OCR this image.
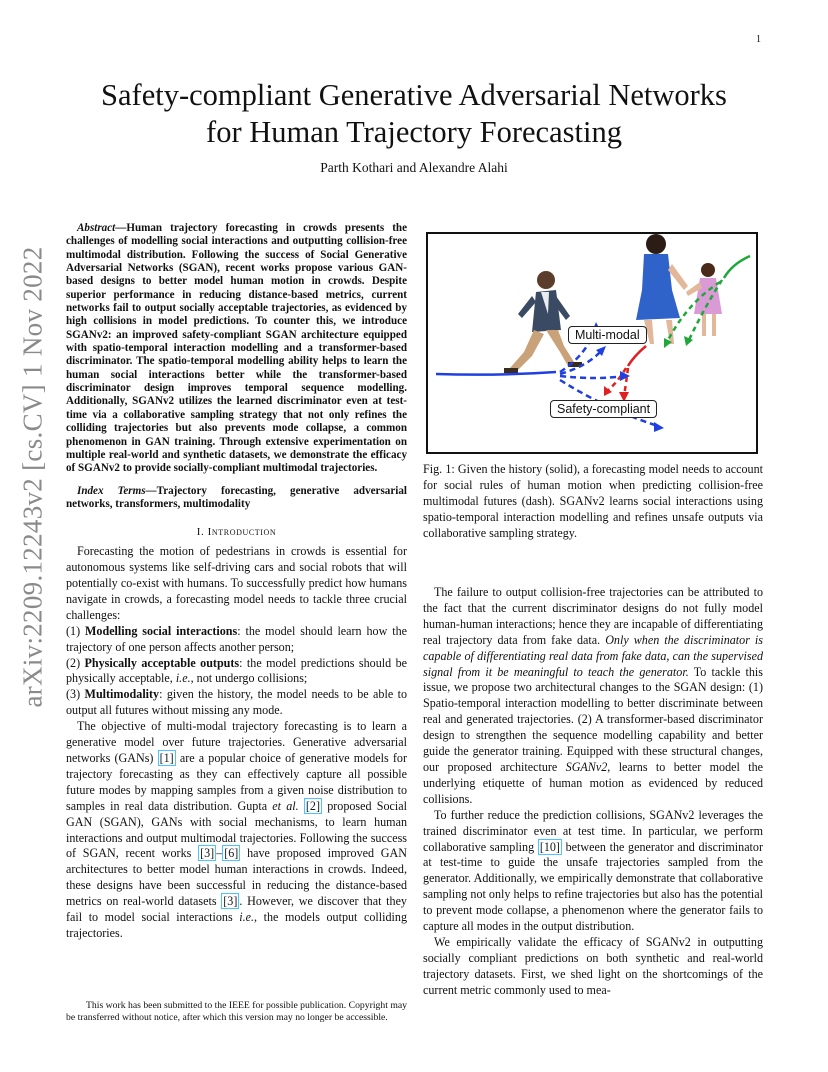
1
arXiv:2209.12243v2 [cs.CV] 1 Nov 2022
Safety-compliant Generative Adversarial Networks
for Human Trajectory Forecasting
Parth Kothari and Alexandre Alahi

Abstract—Human trajectory forecasting in crowds presents the challenges of modelling social interactions and outputting collision-free multimodal distribution. Following the success of Social Generative Adversarial Networks (SGAN), recent works propose various GAN-based designs to better model human motion in crowds. Despite superior performance in reducing distance-based metrics, current networks fail to output socially acceptable trajectories, as evidenced by high collisions in model predictions. To counter this, we introduce SGANv2: an improved safety-compliant SGAN architecture equipped with spatio-temporal interaction modelling and a transformer-based discriminator. The spatio-temporal modelling ability helps to learn the human social interactions better while the transformer-based discriminator design improves temporal sequence modelling. Additionally, SGANv2 utilizes the learned discriminator even at test-time via a collaborative sampling strategy that not only refines the colliding trajectories but also prevents mode collapse, a common phenomenon in GAN training. Through extensive experimentation on multiple real-world and synthetic datasets, we demonstrate the efficacy of SGANv2 to provide socially-compliant multimodal trajectories.

Index Terms—Trajectory forecasting, generative adversarial networks, transformers, multimodality

I. Introduction

Forecasting the motion of pedestrians in crowds is essential for autonomous systems like self-driving cars and social robots that will potentially co-exist with humans. To successfully predict how humans navigate in crowds, a forecasting model needs to tackle three crucial challenges:

(1) Modelling social interactions: the model should learn how the trajectory of one person affects another person;

(2) Physically acceptable outputs: the model predictions should be physically acceptable, i.e., not undergo collisions;

(3) Multimodality: given the history, the model needs to be able to output all futures without missing any mode.

The objective of multi-modal trajectory forecasting is to learn a generative model over future trajectories. Generative adversarial networks (GANs) [1] are a popular choice of generative models for trajectory forecasting as they can effectively capture all possible future modes by mapping samples from a given noise distribution to samples in real data distribution. Gupta et al. [2] proposed Social GAN (SGAN), GANs with social mechanisms, to learn human interactions and output multimodal trajectories. Following the success of SGAN, recent works [3] – [6] have proposed improved GAN architectures to better model human interactions in crowds. Indeed, these designs have been successful in reducing the distance-based metrics on real-world datasets [3] . However, we discover that they fail to model social interactions i.e., the models output colliding trajectories.

This work has been submitted to the IEEE for possible publication. Copyright may be transferred without notice, after which this version may no longer be accessible.
Multi-modal
Safety-compliant

Fig. 1: Given the history (solid), a forecasting model needs to account for social rules of human motion when predicting collision-free multimodal futures (dash). SGANv2 learns social interactions using spatio-temporal interaction modelling and refines unsafe outputs via collaborative sampling strategy.

The failure to output collision-free trajectories can be attributed to the fact that the current discriminator designs do not fully model human-human interactions; hence they are incapable of differentiating real trajectory data from fake data. Only when the discriminator is capable of differentiating real data from fake data, can the supervised signal from it be meaningful to teach the generator. To tackle this issue, we propose two architectural changes to the SGAN design: (1) Spatio-temporal interaction modelling to better discriminate between real and generated trajectories. (2) A transformer-based discriminator design to strengthen the sequence modelling capability and better guide the generator training. Equipped with these structural changes, our proposed architecture SGANv2, learns to better model the underlying etiquette of human motion as evidenced by reduced collisions.

To further reduce the prediction collisions, SGANv2 leverages the trained discriminator even at test time. In particular, we perform collaborative sampling [10] between the generator and discriminator at test-time to guide the unsafe trajectories sampled from the generator. Additionally, we empirically demonstrate that collaborative sampling not only helps to refine trajectories but also has the potential to prevent mode collapse, a phenomenon where the generator fails to capture all modes in the output distribution.

We empirically validate the efficacy of SGANv2 in outputting socially compliant predictions on both synthetic and real-world trajectory datasets. First, we shed light on the shortcomings of the current metric commonly used to mea-
